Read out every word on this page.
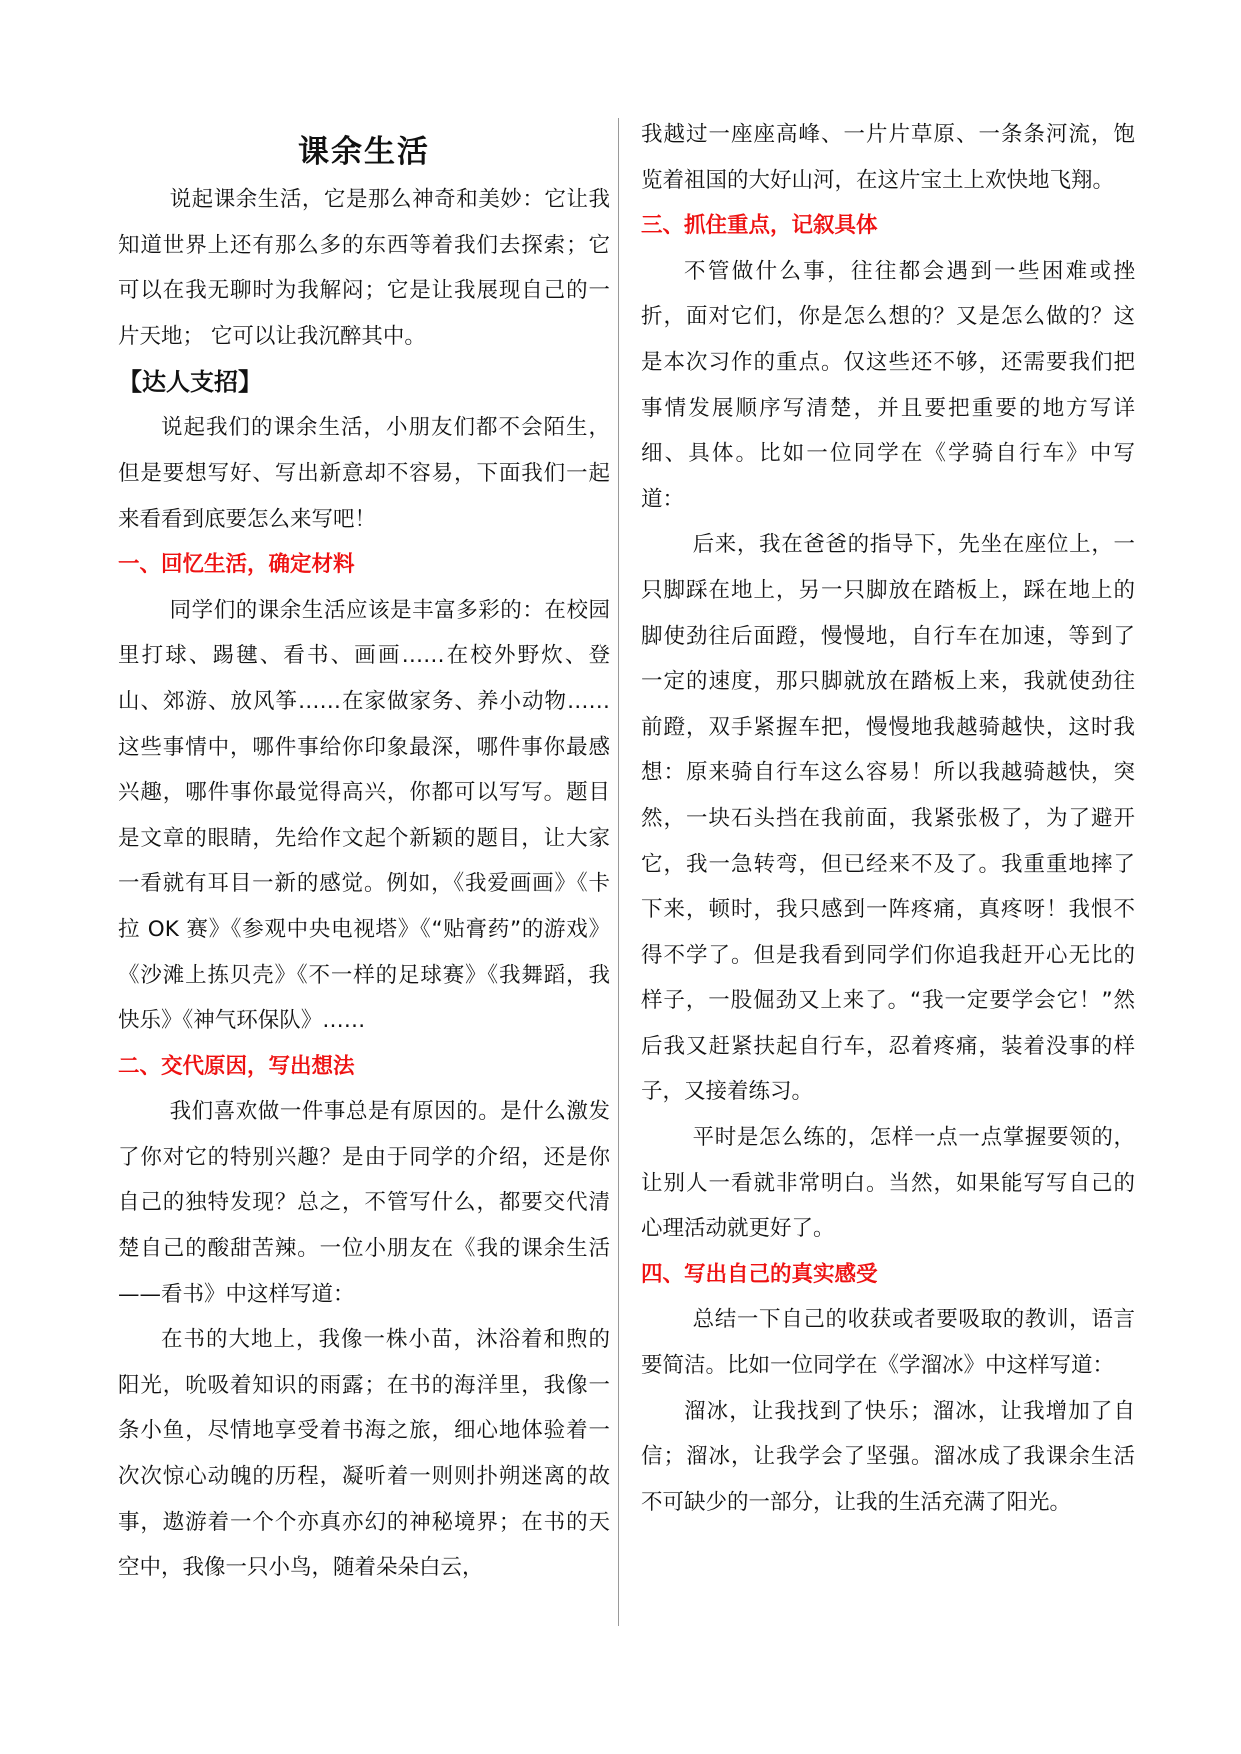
课余生活

说起课余生活，它是那么神奇和美妙：它让我知道世界上还有那么多的东西等着我们去探索；它可以在我无聊时为我解闷；它是让我展现自己的一片天地； 它可以让我沉醉其中。

【达人支招】

说起我们的课余生活，小朋友们都不会陌生，但是要想写好、写出新意却不容易，下面我们一起来看看到底要怎么来写吧！

一、回忆生活，确定材料

同学们的课余生活应该是丰富多彩的：在校园里打球、踢毽、看书、画画……在校外野炊、登山、郊游、放风筝……在家做家务、养小动物……这些事情中，哪件事给你印象最深，哪件事你最感兴趣，哪件事你最觉得高兴，你都可以写写。题目是文章的眼睛，先给作文起个新颖的题目，让大家一看就有耳目一新的感觉。例如，《我爱画画》《卡拉 OK 赛》《参观中央电视塔》《“贴膏药”的游戏》《沙滩上拣贝壳》《不一样的足球赛》《我舞蹈，我快乐》《神气环保队》……

二、交代原因，写出想法

我们喜欢做一件事总是有原因的。是什么激发了你对它的特别兴趣？是由于同学的介绍，还是你自己的独特发现？总之，不管写什么，都要交代清楚自己的酸甜苦辣。一位小朋友在《我的课余生活——看书》中这样写道：

在书的大地上，我像一株小苗，沐浴着和煦的阳光，吮吸着知识的雨露；在书的海洋里，我像一条小鱼，尽情地享受着书海之旅，细心地体验着一次次惊心动魄的历程，凝听着一则则扑朔迷离的故事，遨游着一个个亦真亦幻的神秘境界；在书的天空中，我像一只小鸟，随着朵朵白云，

我越过一座座高峰、一片片草原、一条条河流，饱览着祖国的大好山河，在这片宝土上欢快地飞翔。

三、抓住重点，记叙具体

不管做什么事，往往都会遇到一些困难或挫折，面对它们，你是怎么想的？又是怎么做的？这是本次习作的重点。仅这些还不够，还需要我们把事情发展顺序写清楚，并且要把重要的地方写详细、具体。比如一位同学在《学骑自行车》中写道：

后来，我在爸爸的指导下，先坐在座位上，一只脚踩在地上，另一只脚放在踏板上，踩在地上的脚使劲往后面蹬，慢慢地，自行车在加速，等到了一定的速度，那只脚就放在踏板上来，我就使劲往前蹬，双手紧握车把，慢慢地我越骑越快，这时我想：原来骑自行车这么容易！所以我越骑越快，突然，一块石头挡在我前面，我紧张极了，为了避开它，我一急转弯，但已经来不及了。我重重地摔了下来，顿时，我只感到一阵疼痛，真疼呀！我恨不得不学了。但是我看到同学们你追我赶开心无比的样子，一股倔劲又上来了。“我一定要学会它！”然后我又赶紧扶起自行车，忍着疼痛，装着没事的样子，又接着练习。

平时是怎么练的，怎样一点一点掌握要领的，让别人一看就非常明白。当然，如果能写写自己的心理活动就更好了。

四、写出自己的真实感受

总结一下自己的收获或者要吸取的教训，语言要简洁。比如一位同学在《学溜冰》中这样写道：

溜冰，让我找到了快乐；溜冰，让我增加了自信；溜冰，让我学会了坚强。溜冰成了我课余生活不可缺少的一部分，让我的生活充满了阳光。
